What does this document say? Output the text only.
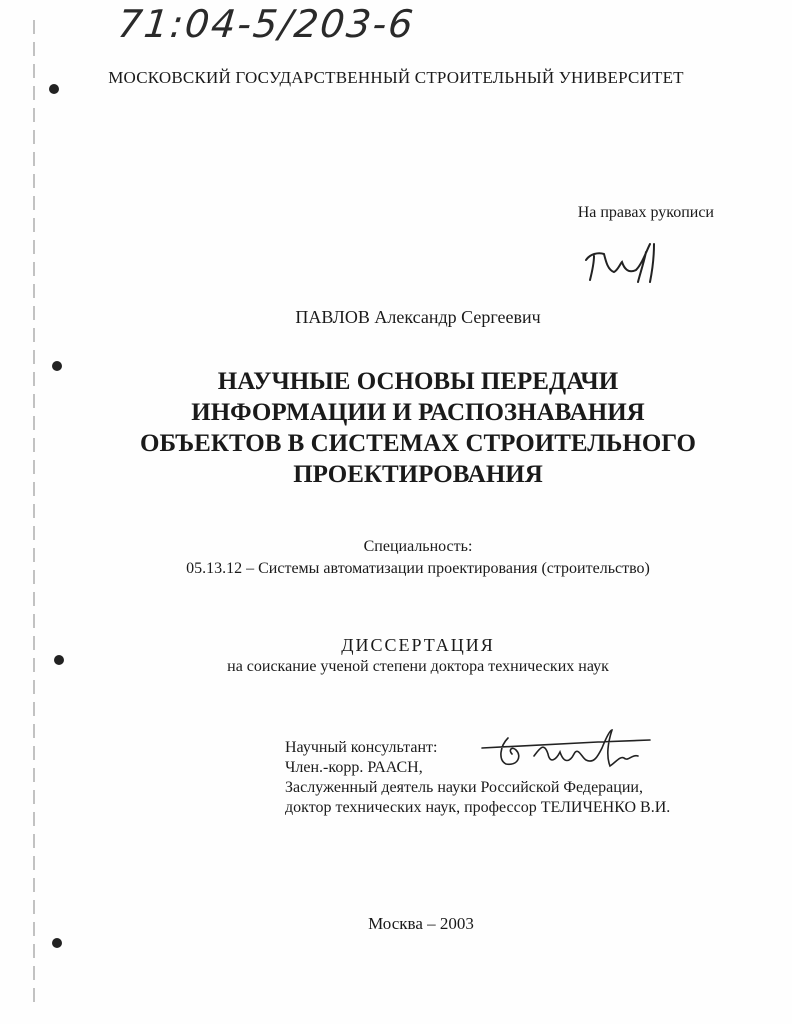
71:04-5/203-6
МОСКОВСКИЙ ГОСУДАРСТВЕННЫЙ СТРОИТЕЛЬНЫЙ УНИВЕРСИТЕТ
На правах рукописи
ПАВЛОВ Александр Сергеевич
НАУЧНЫЕ ОСНОВЫ ПЕРЕДАЧИ
ИНФОРМАЦИИ И РАСПОЗНАВАНИЯ
ОБЪЕКТОВ В СИСТЕМАХ СТРОИТЕЛЬНОГО
ПРОЕКТИРОВАНИЯ
Специальность:
05.13.12 – Системы автоматизации проектирования (строительство)
ДИССЕРТАЦИЯ
на соискание ученой степени доктора технических наук
Научный консультант:
Член.-корр. РААСН,
Заслуженный деятель науки Российской Федерации,
доктор технических наук, профессор ТЕЛИЧЕНКО В.И.
Москва – 2003
